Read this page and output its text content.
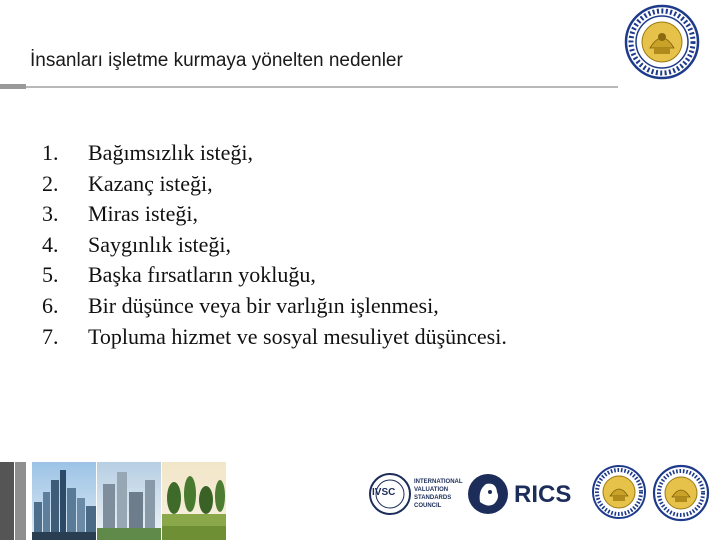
İnsanları işletme kurmaya yönelten nedenler
1.	Bağımsızlık isteği,
2.	Kazanç isteği,
3.	Miras isteği,
4.	Saygınlık isteği,
5.	Başka fırsatların yokluğu,
6.	Bir düşünce veya bir varlığın işlenmesi,
7.	Topluma hizmet ve sosyal mesuliyet düşüncesi.
IVSC
INTERNATIONAL
VALUATION
STANDARDS
COUNCIL	RICS
